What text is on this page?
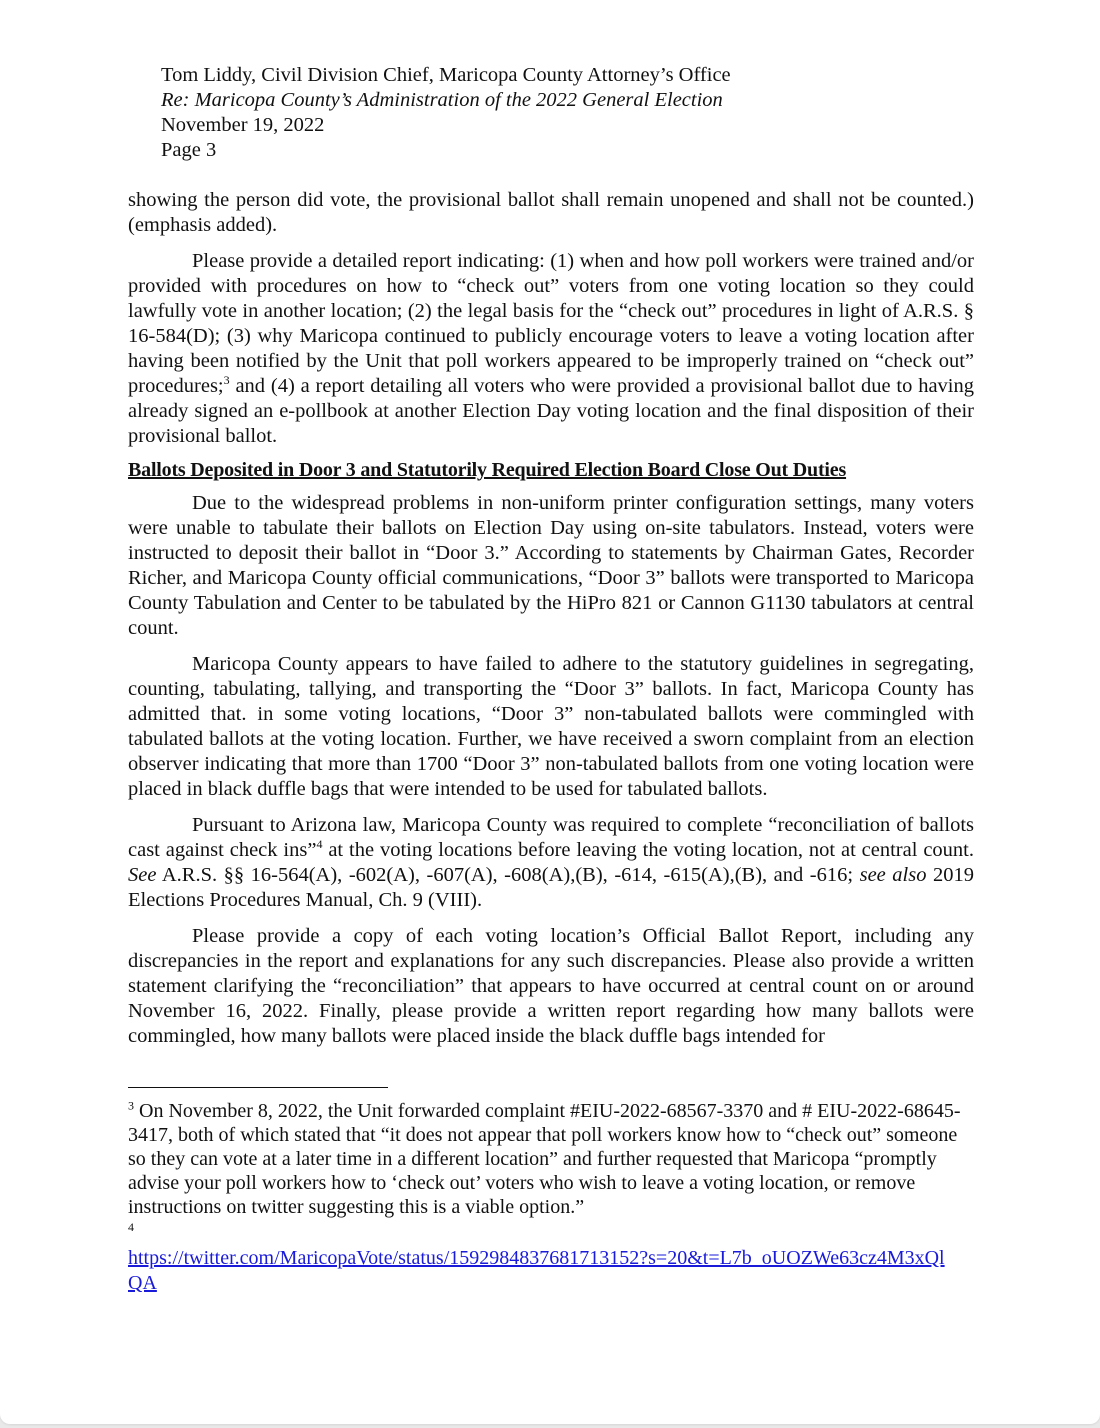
Tom Liddy, Civil Division Chief, Maricopa County Attorney’s Office
Re: Maricopa County’s Administration of the 2022 General Election
November 19, 2022
Page 3

showing the person did vote, the provisional ballot shall remain unopened and shall not be counted.) (emphasis added).

Please provide a detailed report indicating: (1) when and how poll workers were trained and/or provided with procedures on how to “check out” voters from one voting location so they could lawfully vote in another location; (2) the legal basis for the “check out” procedures in light of A.R.S. § 16-584(D); (3) why Maricopa continued to publicly encourage voters to leave a voting location after having been notified by the Unit that poll workers appeared to be improperly trained on “check out” procedures;$^3$ and (4) a report detailing all voters who were provided a provisional ballot due to having already signed an e-pollbook at another Election Day voting location and the final disposition of their provisional ballot.

Ballots Deposited in Door 3 and Statutorily Required Election Board Close Out Duties

Due to the widespread problems in non-uniform printer configuration settings, many voters were unable to tabulate their ballots on Election Day using on-site tabulators. Instead, voters were instructed to deposit their ballot in “Door 3.” According to statements by Chairman Gates, Recorder Richer, and Maricopa County official communications, “Door 3” ballots were transported to Maricopa County Tabulation and Center to be tabulated by the HiPro 821 or Cannon G1130 tabulators at central count.

Maricopa County appears to have failed to adhere to the statutory guidelines in segregating, counting, tabulating, tallying, and transporting the “Door 3” ballots. In fact, Maricopa County has admitted that. in some voting locations, “Door 3” non-tabulated ballots were commingled with tabulated ballots at the voting location. Further, we have received a sworn complaint from an election observer indicating that more than 1700 “Door 3” non-tabulated ballots from one voting location were placed in black duffle bags that were intended to be used for tabulated ballots.

Pursuant to Arizona law, Maricopa County was required to complete “reconciliation of ballots cast against check ins”$^4$ at the voting locations before leaving the voting location, not at central count. See A.R.S. §§ 16-564(A), -602(A), -607(A), -608(A),(B), -614, -615(A),(B), and -616; see also 2019 Elections Procedures Manual, Ch. 9 (VIII).

Please provide a copy of each voting location’s Official Ballot Report, including any discrepancies in the report and explanations for any such discrepancies. Please also provide a written statement clarifying the “reconciliation” that appears to have occurred at central count on or around November 16, 2022. Finally, please provide a written report regarding how many ballots were commingled, how many ballots were placed inside the black duffle bags intended for

$^3$ On November 8, 2022, the Unit forwarded complaint #EIU-2022-68567-3370 and # EIU-2022-68645-3417, both of which stated that “it does not appear that poll workers know how to “check out” someone so they can vote at a later time in a different location” and further requested that Maricopa “promptly advise your poll workers how to ‘check out’ voters who wish to leave a voting location, or remove instructions on twitter suggesting this is a viable option.”

4
https://twitter.com/MaricopaVote/status/1592984837681713152?s=20&t=L7b_oUOZWe63cz4M3xQlQA
